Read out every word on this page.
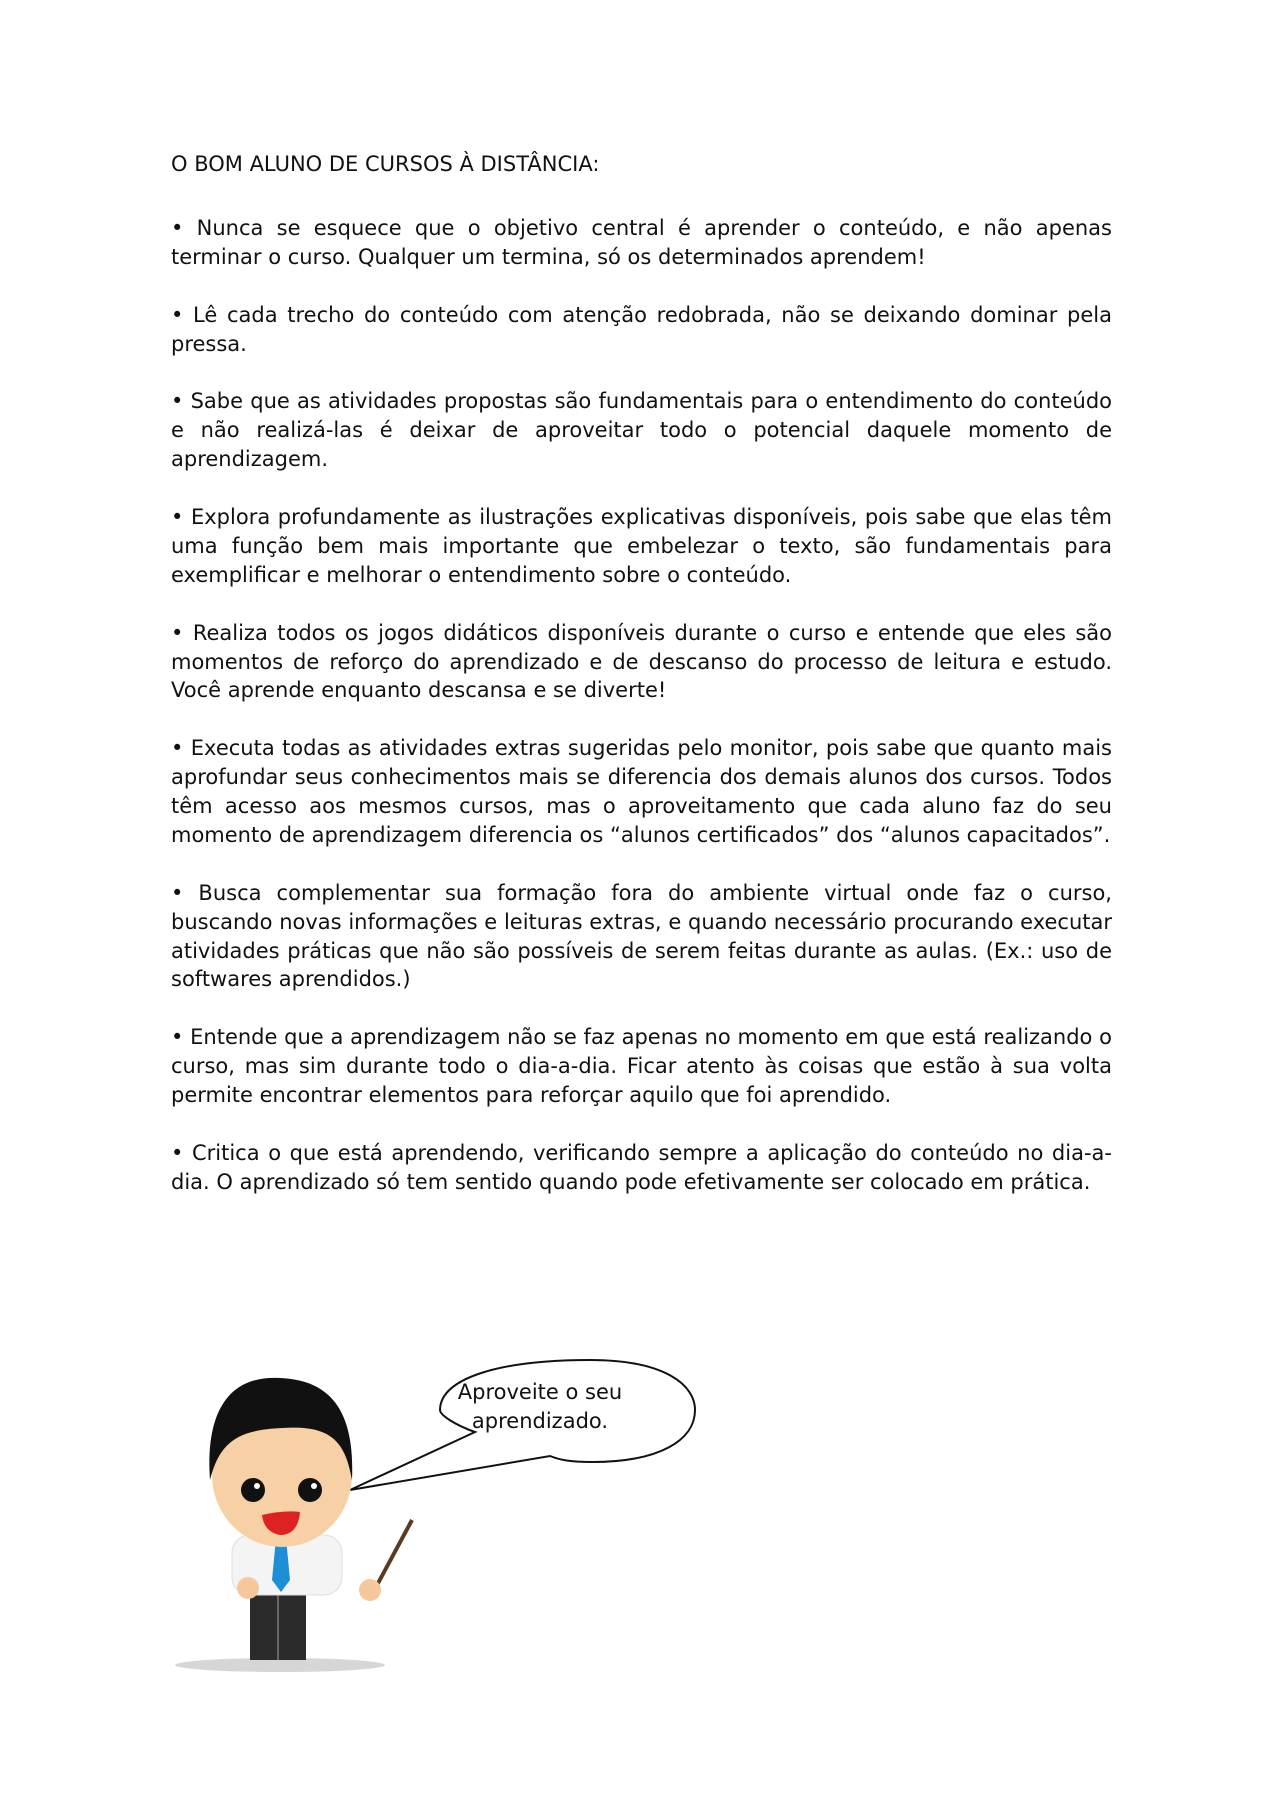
O BOM ALUNO DE CURSOS À DISTÂNCIA:

• Nunca se esquece que o objetivo central é aprender o conteúdo, e não apenas terminar o curso. Qualquer um termina, só os determinados aprendem!

• Lê cada trecho do conteúdo com atenção redobrada, não se deixando dominar pela pressa.

• Sabe que as atividades propostas são fundamentais para o entendimento do conteúdo e não realizá-las é deixar de aproveitar todo o potencial daquele momento de aprendizagem.

• Explora profundamente as ilustrações explicativas disponíveis, pois sabe que elas têm uma função bem mais importante que embelezar o texto, são fundamentais para exemplificar e melhorar o entendimento sobre o conteúdo.

• Realiza todos os jogos didáticos disponíveis durante o curso e entende que eles são momentos de reforço do aprendizado e de descanso do processo de leitura e estudo. Você aprende enquanto descansa e se diverte!

• Executa todas as atividades extras sugeridas pelo monitor, pois sabe que quanto mais aprofundar seus conhecimentos mais se diferencia dos demais alunos dos cursos. Todos têm acesso aos mesmos cursos, mas o aproveitamento que cada aluno faz do seu momento de aprendizagem diferencia os “alunos certificados” dos “alunos capacitados”.

• Busca complementar sua formação fora do ambiente virtual onde faz o curso, buscando novas informações e leituras extras, e quando necessário procurando executar atividades práticas que não são possíveis de serem feitas durante as aulas. (Ex.: uso de softwares aprendidos.)

• Entende que a aprendizagem não se faz apenas no momento em que está realizando o curso, mas sim durante todo o dia-a-dia. Ficar atento às coisas que estão à sua volta permite encontrar elementos para reforçar aquilo que foi aprendido.

• Critica o que está aprendendo, verificando sempre a aplicação do conteúdo no dia-a-dia. O aprendizado só tem sentido quando pode efetivamente ser colocado em prática.

Aproveite o seu
aprendizado.
